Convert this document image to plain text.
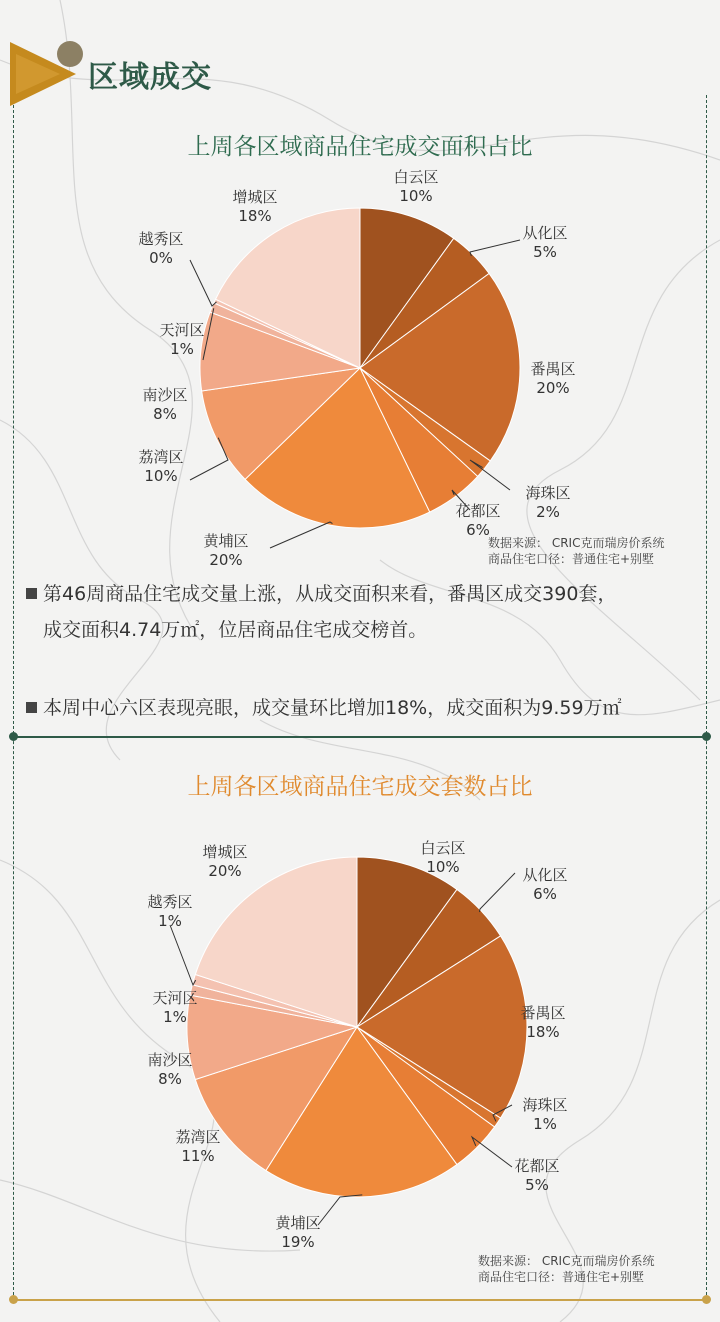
区域成交
上周各区域商品住宅成交面积占比
白云区
10%
从化区
5%
番禺区
20%
海珠区
2%
花都区
6%
黄埔区
20%
荔湾区
10%
南沙区
8%
天河区
1%
越秀区
0%
增城区
18%
数据来源： CRIC克而瑞房价系统
商品住宅口径：普通住宅+别墅

第46周商品住宅成交量上涨，从成交面积来看，番禺区成交390套，
成交面积4.74万㎡，位居商品住宅成交榜首。

本周中心六区表现亮眼，成交量环比增加18%，成交面积为9.59万㎡

上周各区域商品住宅成交套数占比
白云区
10%	从化区
6%
番禺区
18%
海珠区
1%
花都区
5%
黄埔区
19%
荔湾区
11%
南沙区
8%
天河区
1%
越秀区
1%
增城区
20%
数据来源： CRIC克而瑞房价系统
商品住宅口径：普通住宅+别墅
